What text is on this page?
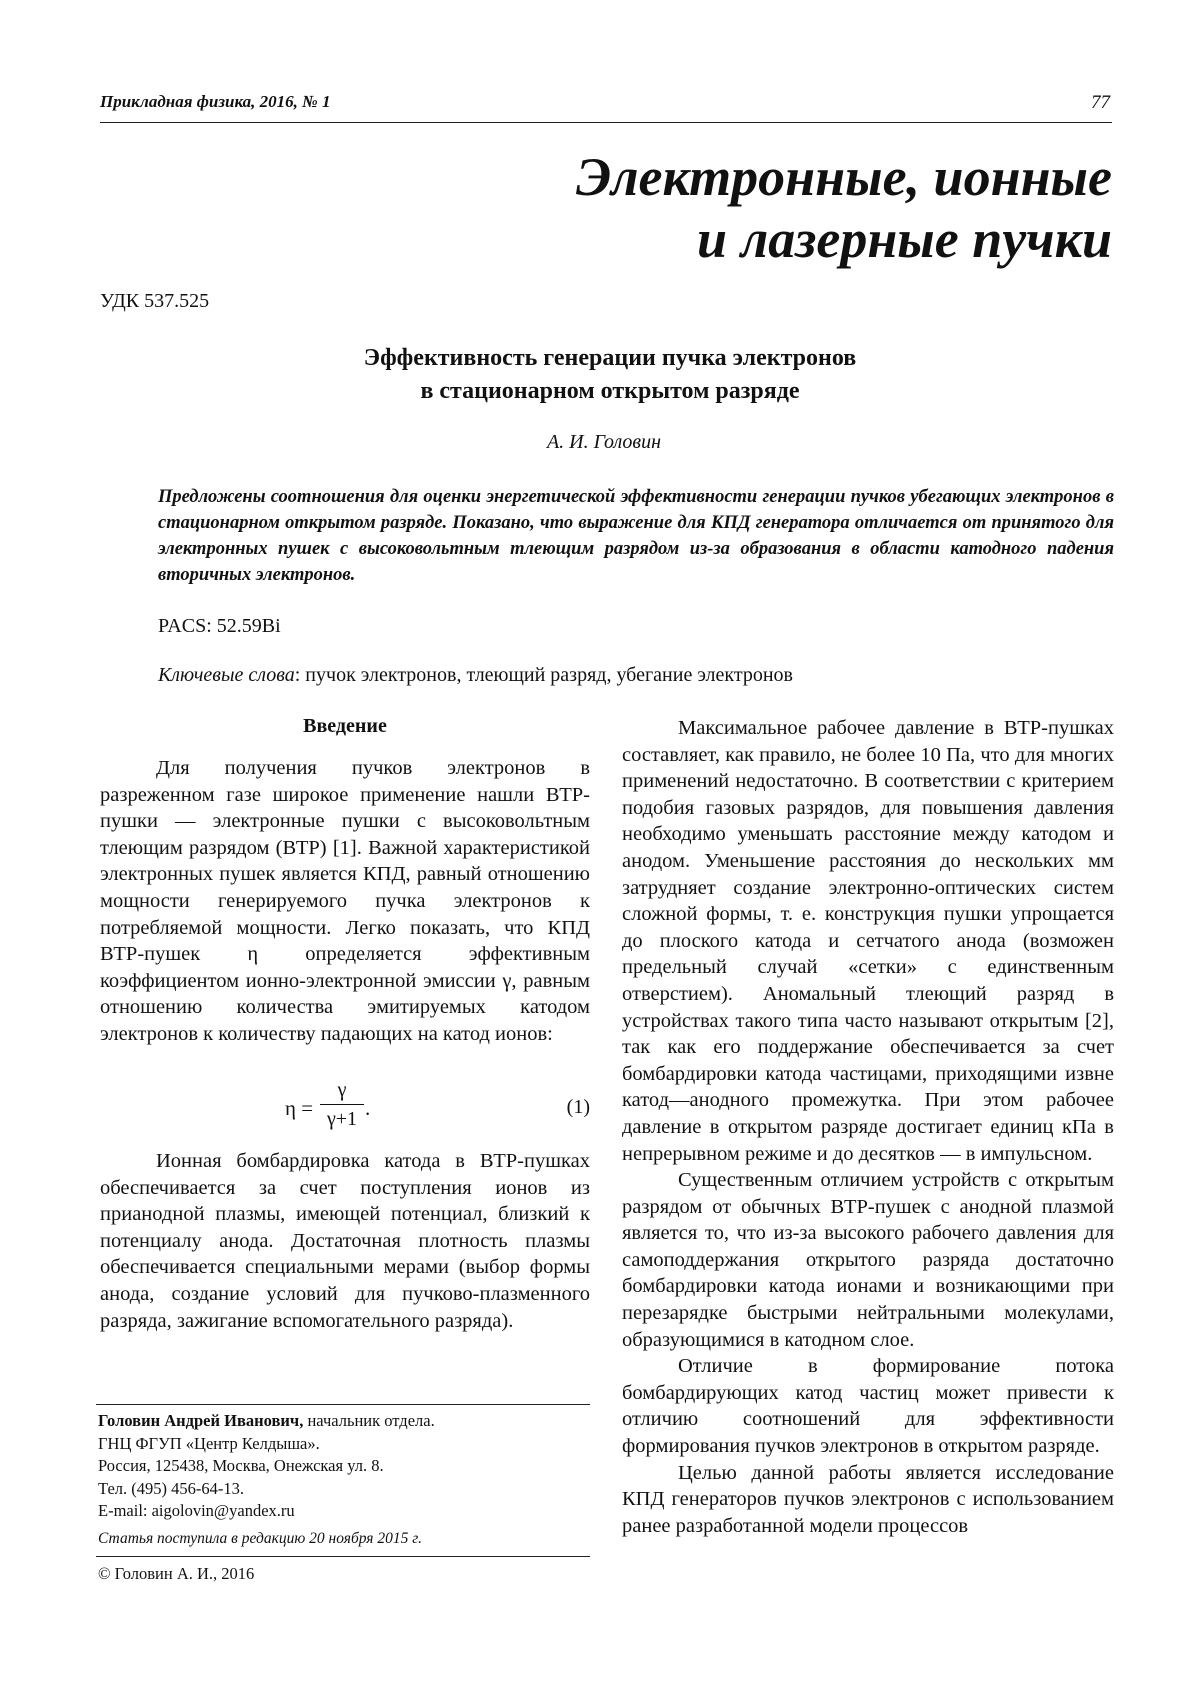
Прикладная физика, 2016, № 1	77
Электронные, ионные
и лазерные пучки
УДК 537.525
Эффективность генерации пучка электронов
в стационарном открытом разряде
А. И. Головин
Предложены соотношения для оценки энергетической эффективности генерации пучков убегающих электронов в стационарном открытом разряде. Показано, что выражение для КПД генератора отличается от принятого для электронных пушек с высоковольтным тлеющим разрядом из-за образования в области катодного падения вторичных электронов.
PACS: 52.59Bi
Ключевые слова: пучок электронов, тлеющий разряд, убегание электронов
Введение

Для получения пучков электронов в разреженном газе широкое применение нашли ВТР-пушки — электронные пушки с высоковольтным тлеющим разрядом (ВТР) [1]. Важной характеристикой электронных пушек является КПД, равный отношению мощности генерируемого пучка электронов к потребляемой мощности. Легко показать, что КПД ВТР-пушек η определяется эффективным коэффициентом ионно-электронной эмиссии γ, равным отношению количества эмитируемых катодом электронов к количеству падающих на катод ионов:

η =
γ
γ+1 .	(1)

Ионная бомбардировка катода в ВТР-пушках обеспечивается за счет поступления ионов из прианодной плазмы, имеющей потенциал, близкий к потенциалу анода. Достаточная плотность плазмы обеспечивается специальными мерами (выбор формы анода, создание условий для пучково-плазменного разряда, зажигание вспомогательного разряда).

Головин Андрей Иванович, начальник отдела.
ГНЦ ФГУП «Центр Келдыша».
Россия, 125438, Москва, Онежская ул. 8.
Тел. (495) 456-64-13.
E-mail: aigolovin@yandex.ru
Статья поступила в редакцию 20 ноября 2015 г.
© Головин А. И., 2016

Максимальное рабочее давление в ВТР-пушках составляет, как правило, не более 10 Па, что для многих применений недостаточно. В соответствии с критерием подобия газовых разрядов, для повышения давления необходимо уменьшать расстояние между катодом и анодом. Уменьшение расстояния до нескольких мм затрудняет создание электронно-оптических систем сложной формы, т. е. конструкция пушки упрощается до плоского катода и сетчатого анода (возможен предельный случай «сетки» с единственным отверстием). Аномальный тлеющий разряд в устройствах такого типа часто называют открытым [2], так как его поддержание обеспечивается за счет бомбардировки катода частицами, приходящими извне катод—анодного промежутка. При этом рабочее давление в открытом разряде достигает единиц кПа в непрерывном режиме и до десятков — в импульсном.

Существенным отличием устройств с открытым разрядом от обычных ВТР-пушек с анодной плазмой является то, что из-за высокого рабочего давления для самоподдержания открытого разряда достаточно бомбардировки катода ионами и возникающими при перезарядке быстрыми нейтральными молекулами, образующимися в катодном слое.

Отличие в формирование потока бомбардирующих катод частиц может привести к отличию соотношений для эффективности формирования пучков электронов в открытом разряде.

Целью данной работы является исследование КПД генераторов пучков электронов с использованием ранее разработанной модели процессов
